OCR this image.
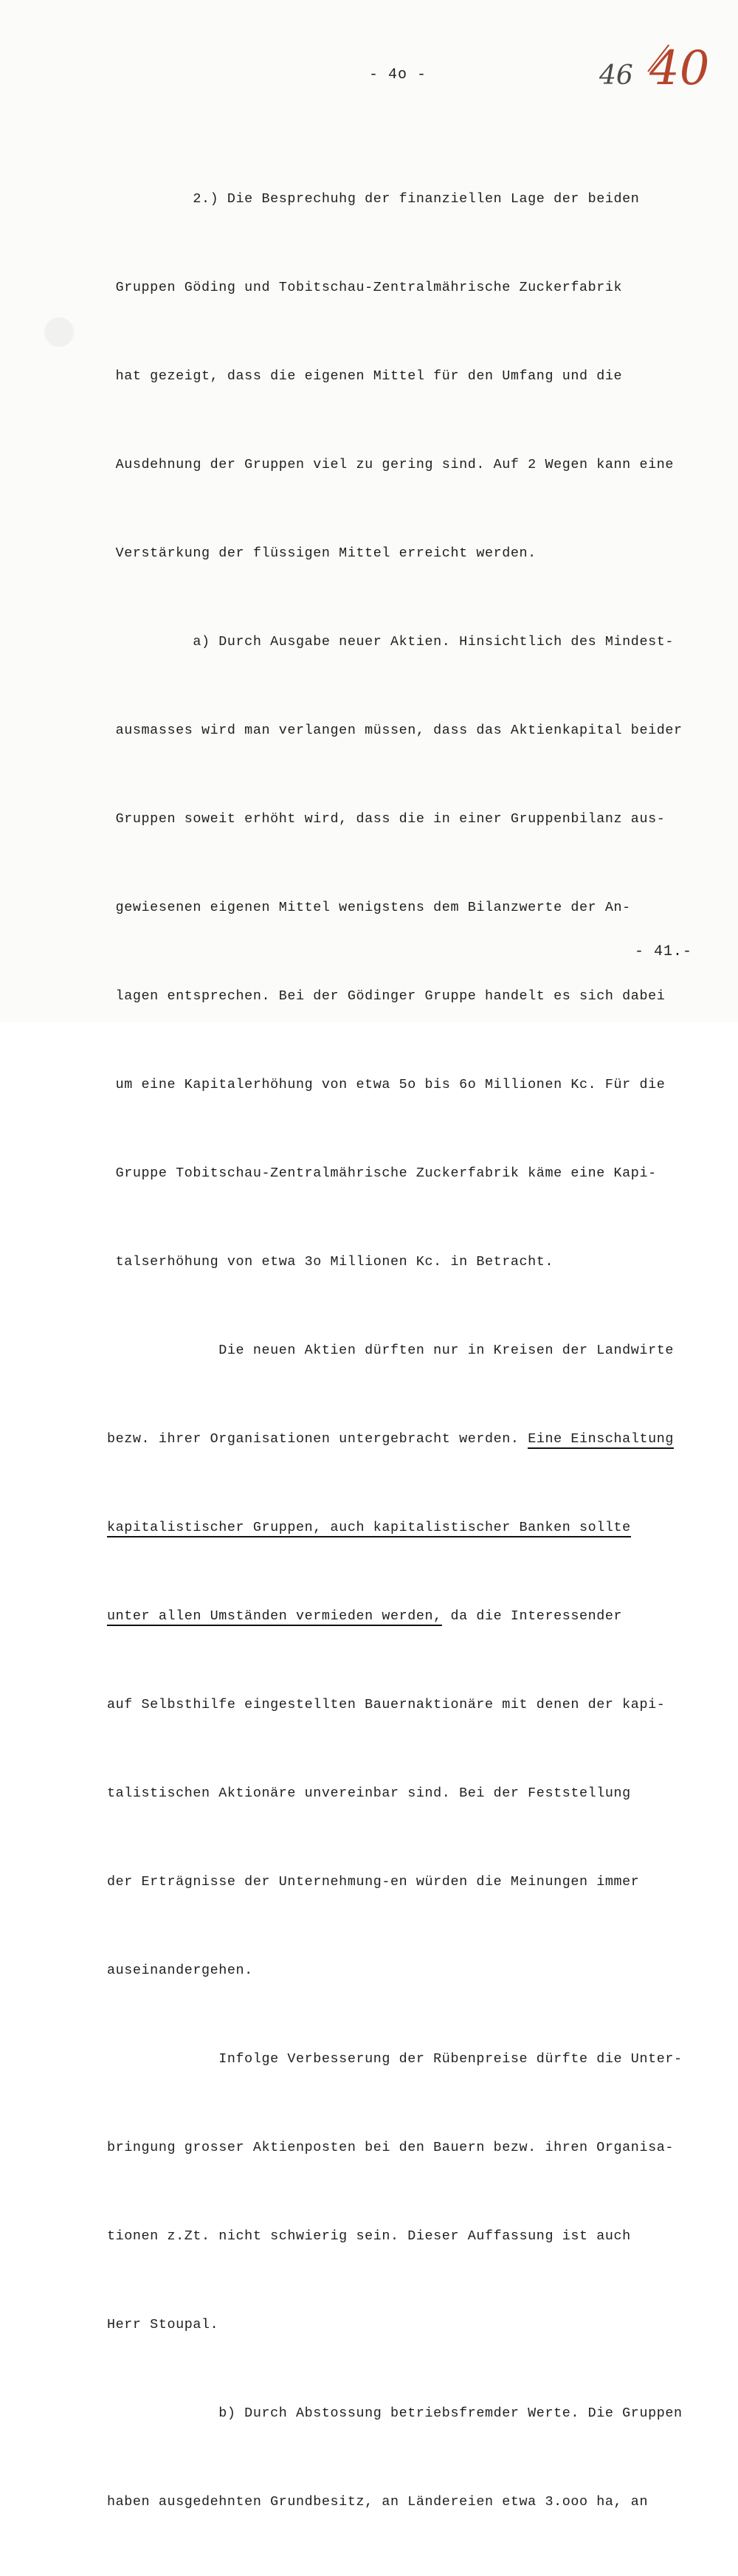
- 4o -	46 40

2.) Die Besprechuhg der finanziellen Lage der beiden

Gruppen Göding und Tobitschau-Zentralmährische Zuckerfabrik

hat gezeigt, dass die eigenen Mittel für den Umfang und die

Ausdehnung der Gruppen viel zu gering sind. Auf 2 Wegen kann eine

Verstärkung der flüssigen Mittel erreicht werden.

a) Durch Ausgabe neuer Aktien. Hinsichtlich des Mindest-

ausmasses wird man verlangen müssen, dass das Aktienkapital beider

Gruppen soweit erhöht wird, dass die in einer Gruppenbilanz aus-

gewiesenen eigenen Mittel wenigstens dem Bilanzwerte der An-

lagen entsprechen. Bei der Gödinger Gruppe handelt es sich dabei

um eine Kapitalerhöhung von etwa 5o bis 6o Millionen Kc. Für die

Gruppe Tobitschau-Zentralmährische Zuckerfabrik käme eine Kapi-

talserhöhung von etwa 3o Millionen Kc. in Betracht.

Die neuen Aktien dürften nur in Kreisen der Landwirte

bezw. ihrer Organisationen untergebracht werden. Eine Einschaltung

kapitalistischer Gruppen, auch kapitalistischer Banken sollte

unter allen Umständen vermieden werden, da die Interessender

auf Selbsthilfe eingestellten Bauernaktionäre mit denen der kapi-

talistischen Aktionäre unvereinbar sind. Bei der Feststellung

der Erträgnisse der Unternehmung-en würden die Meinungen immer

auseinandergehen.

Infolge Verbesserung der Rübenpreise dürfte die Unter-

bringung grosser Aktienposten bei den Bauern bezw. ihren Organisa-

tionen z.Zt. nicht schwierig sein. Dieser Auffassung ist auch

Herr Stoupal.

b) Durch Abstossung betriebsfremder Werte. Die Gruppen

haben ausgedehnten Grundbesitz, an Ländereien etwa 3.ooo ha, an

- 41.-
